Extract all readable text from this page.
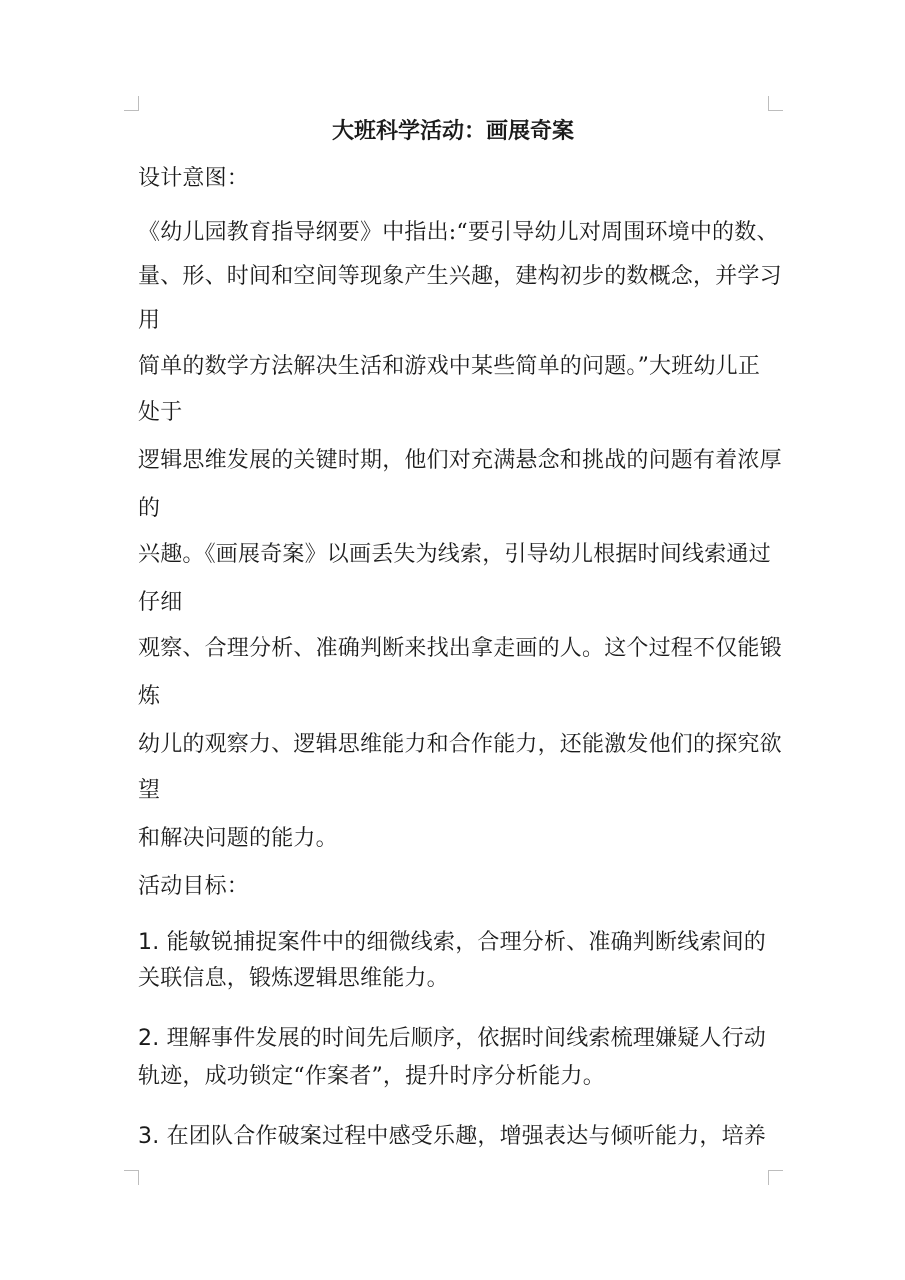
大班科学活动：画展奇案
设计意图：
《幼儿园教育指导纲要》中指出:“要引导幼儿对周围环境中的数、
量、形、时间和空间等现象产生兴趣，建构初步的数概念，并学习
用
简单的数学方法解决生活和游戏中某些简单的问题。”大班幼儿正
处于
逻辑思维发展的关键时期，他们对充满悬念和挑战的问题有着浓厚
的
兴趣。《画展奇案》以画丢失为线索，引导幼儿根据时间线索通过
仔细
观察、合理分析、准确判断来找出拿走画的人。这个过程不仅能锻
炼
幼儿的观察力、逻辑思维能力和合作能力，还能激发他们的探究欲
望
和解决问题的能力。
活动目标：
1. 能敏锐捕捉案件中的细微线索，合理分析、准确判断线索间的
关联信息，锻炼逻辑思维能力。
2. 理解事件发展的时间先后顺序，依据时间线索梳理嫌疑人行动
轨迹，成功锁定“作案者”，提升时序分析能力。
3. 在团队合作破案过程中感受乐趣，增强表达与倾听能力，培养
